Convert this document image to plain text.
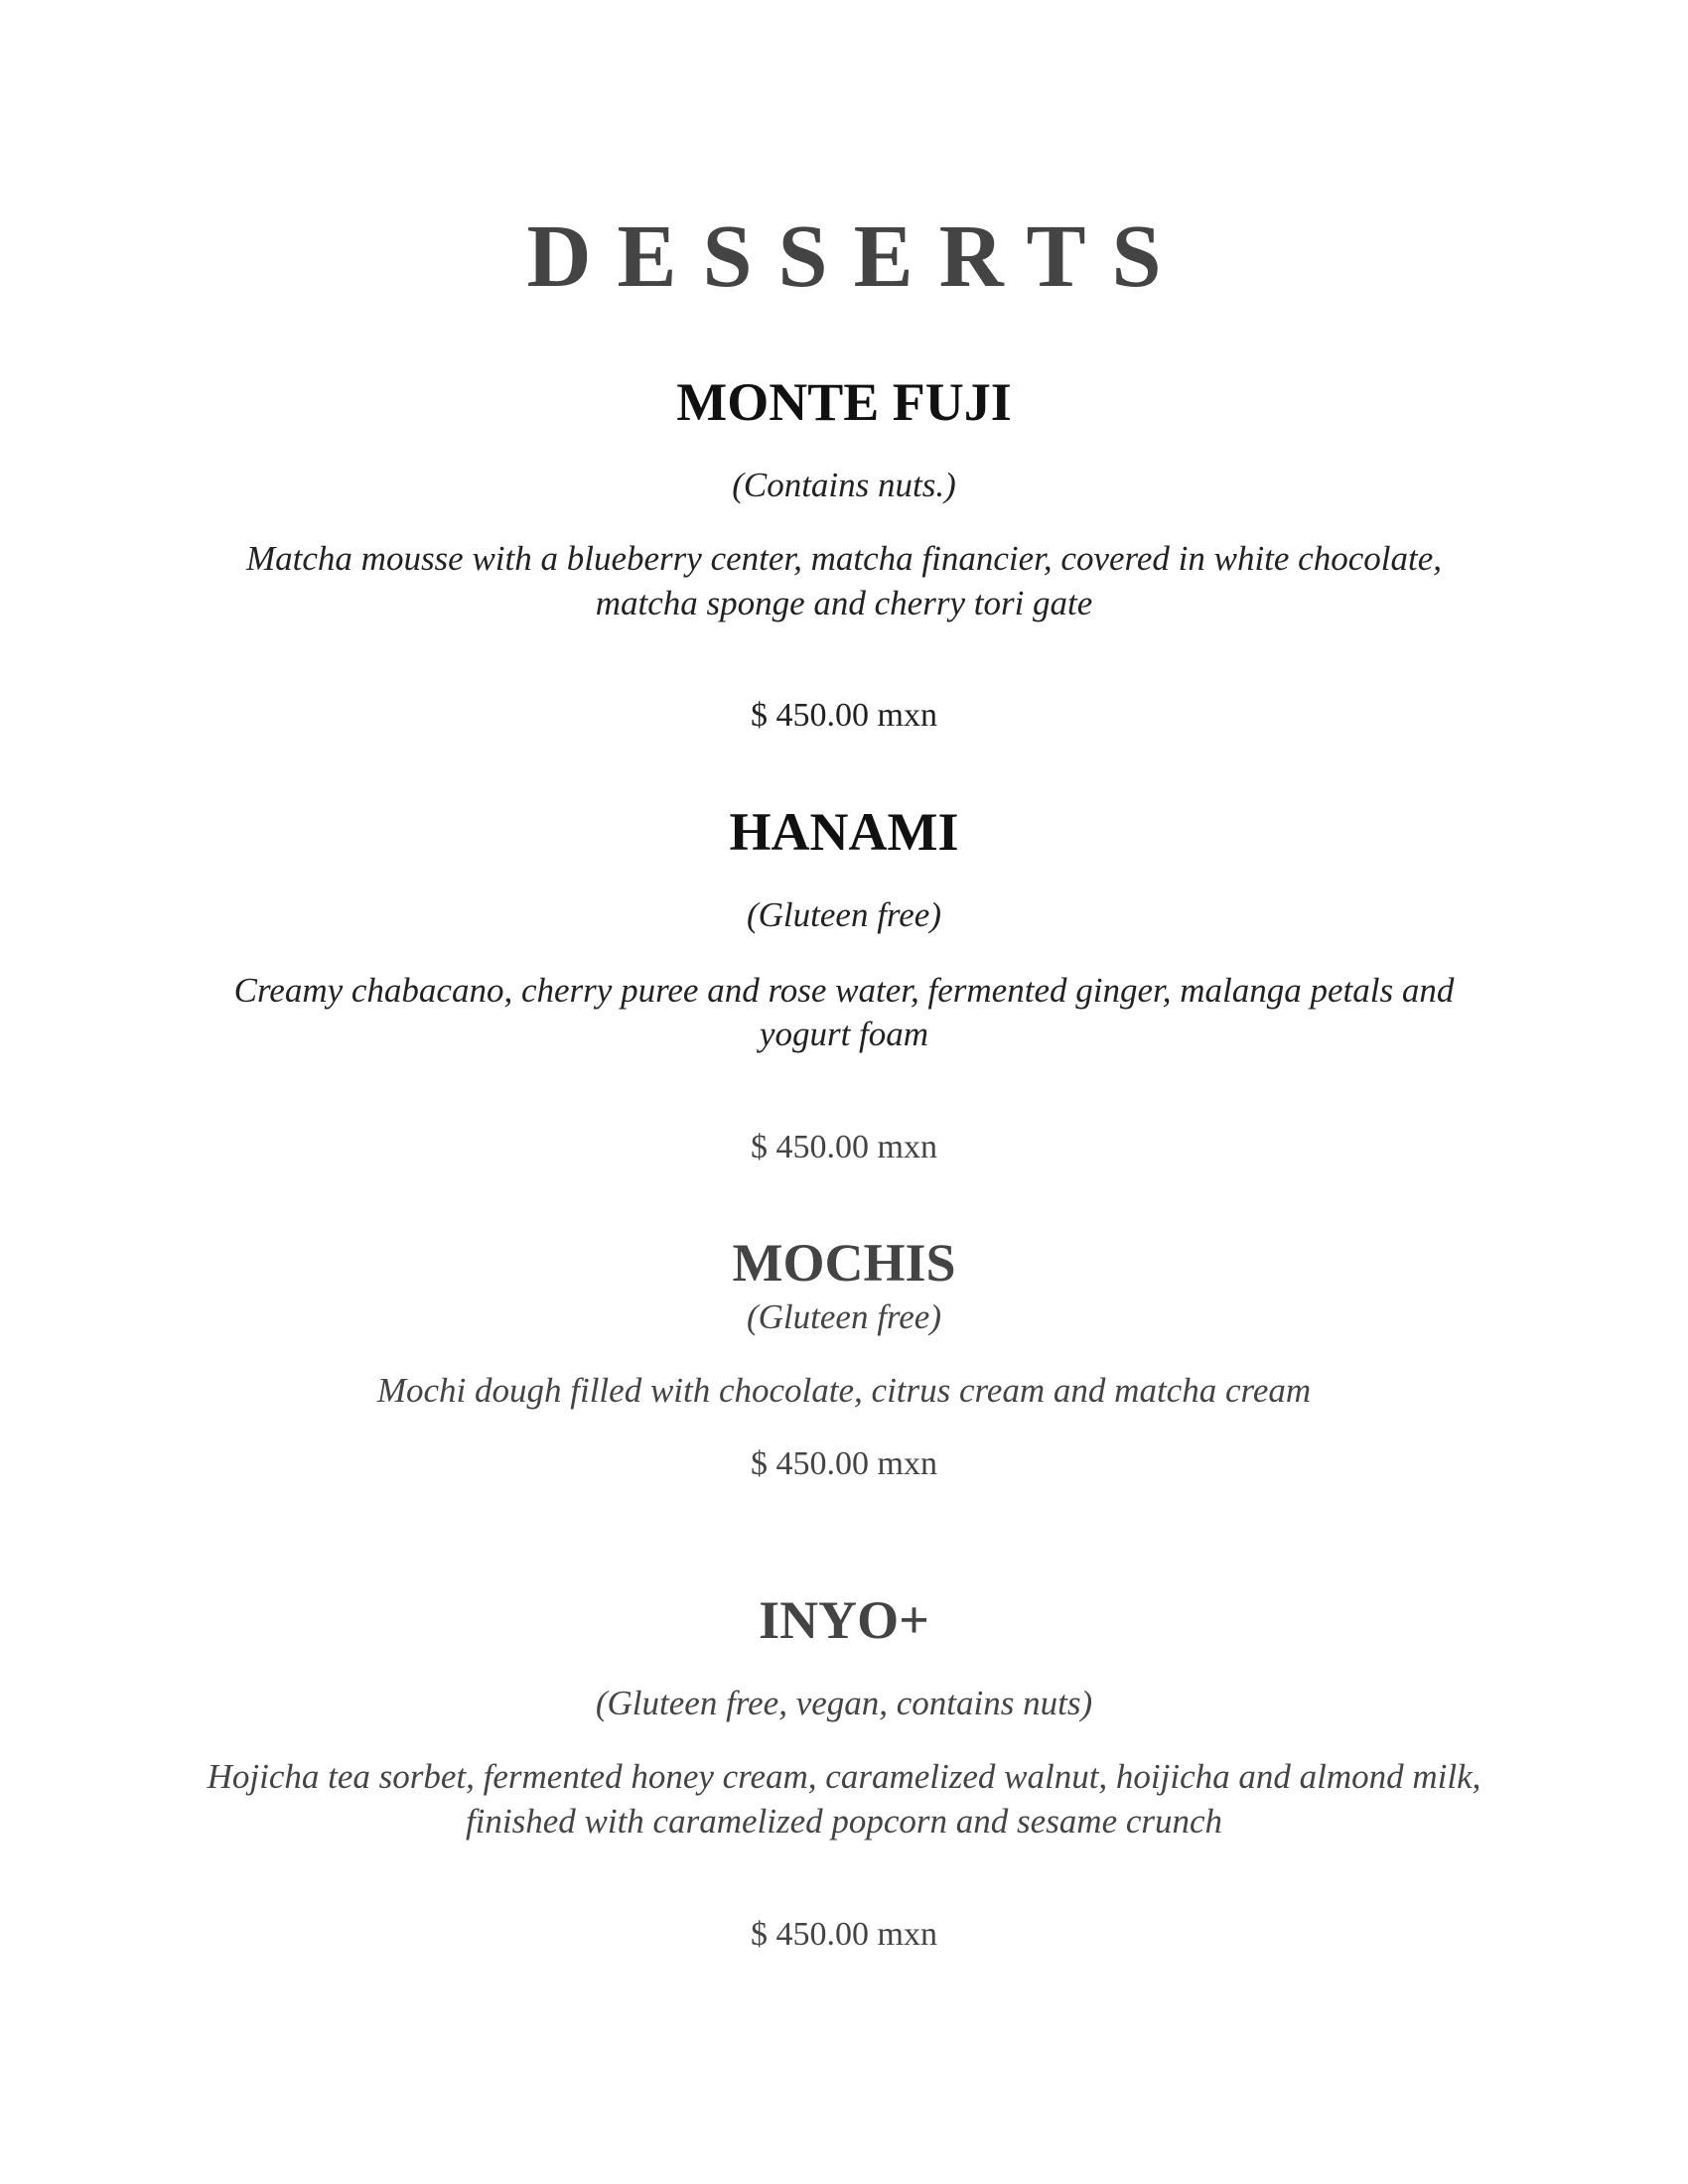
DESSERTS
MONTE FUJI
(Contains nuts.)
Matcha mousse with a blueberry center, matcha financier, covered in white chocolate,
matcha sponge and cherry tori gate
$ 450.00 mxn
HANAMI
(Gluteen free)
Creamy chabacano, cherry puree and rose water, fermented ginger, malanga petals and
yogurt foam
$ 450.00 mxn
MOCHIS
(Gluteen free)
Mochi dough filled with chocolate, citrus cream and matcha cream
$ 450.00 mxn
INYO+
(Gluteen free, vegan, contains nuts)
Hojicha tea sorbet, fermented honey cream, caramelized walnut, hoijicha and almond milk,
finished with caramelized popcorn and sesame crunch
$ 450.00 mxn
